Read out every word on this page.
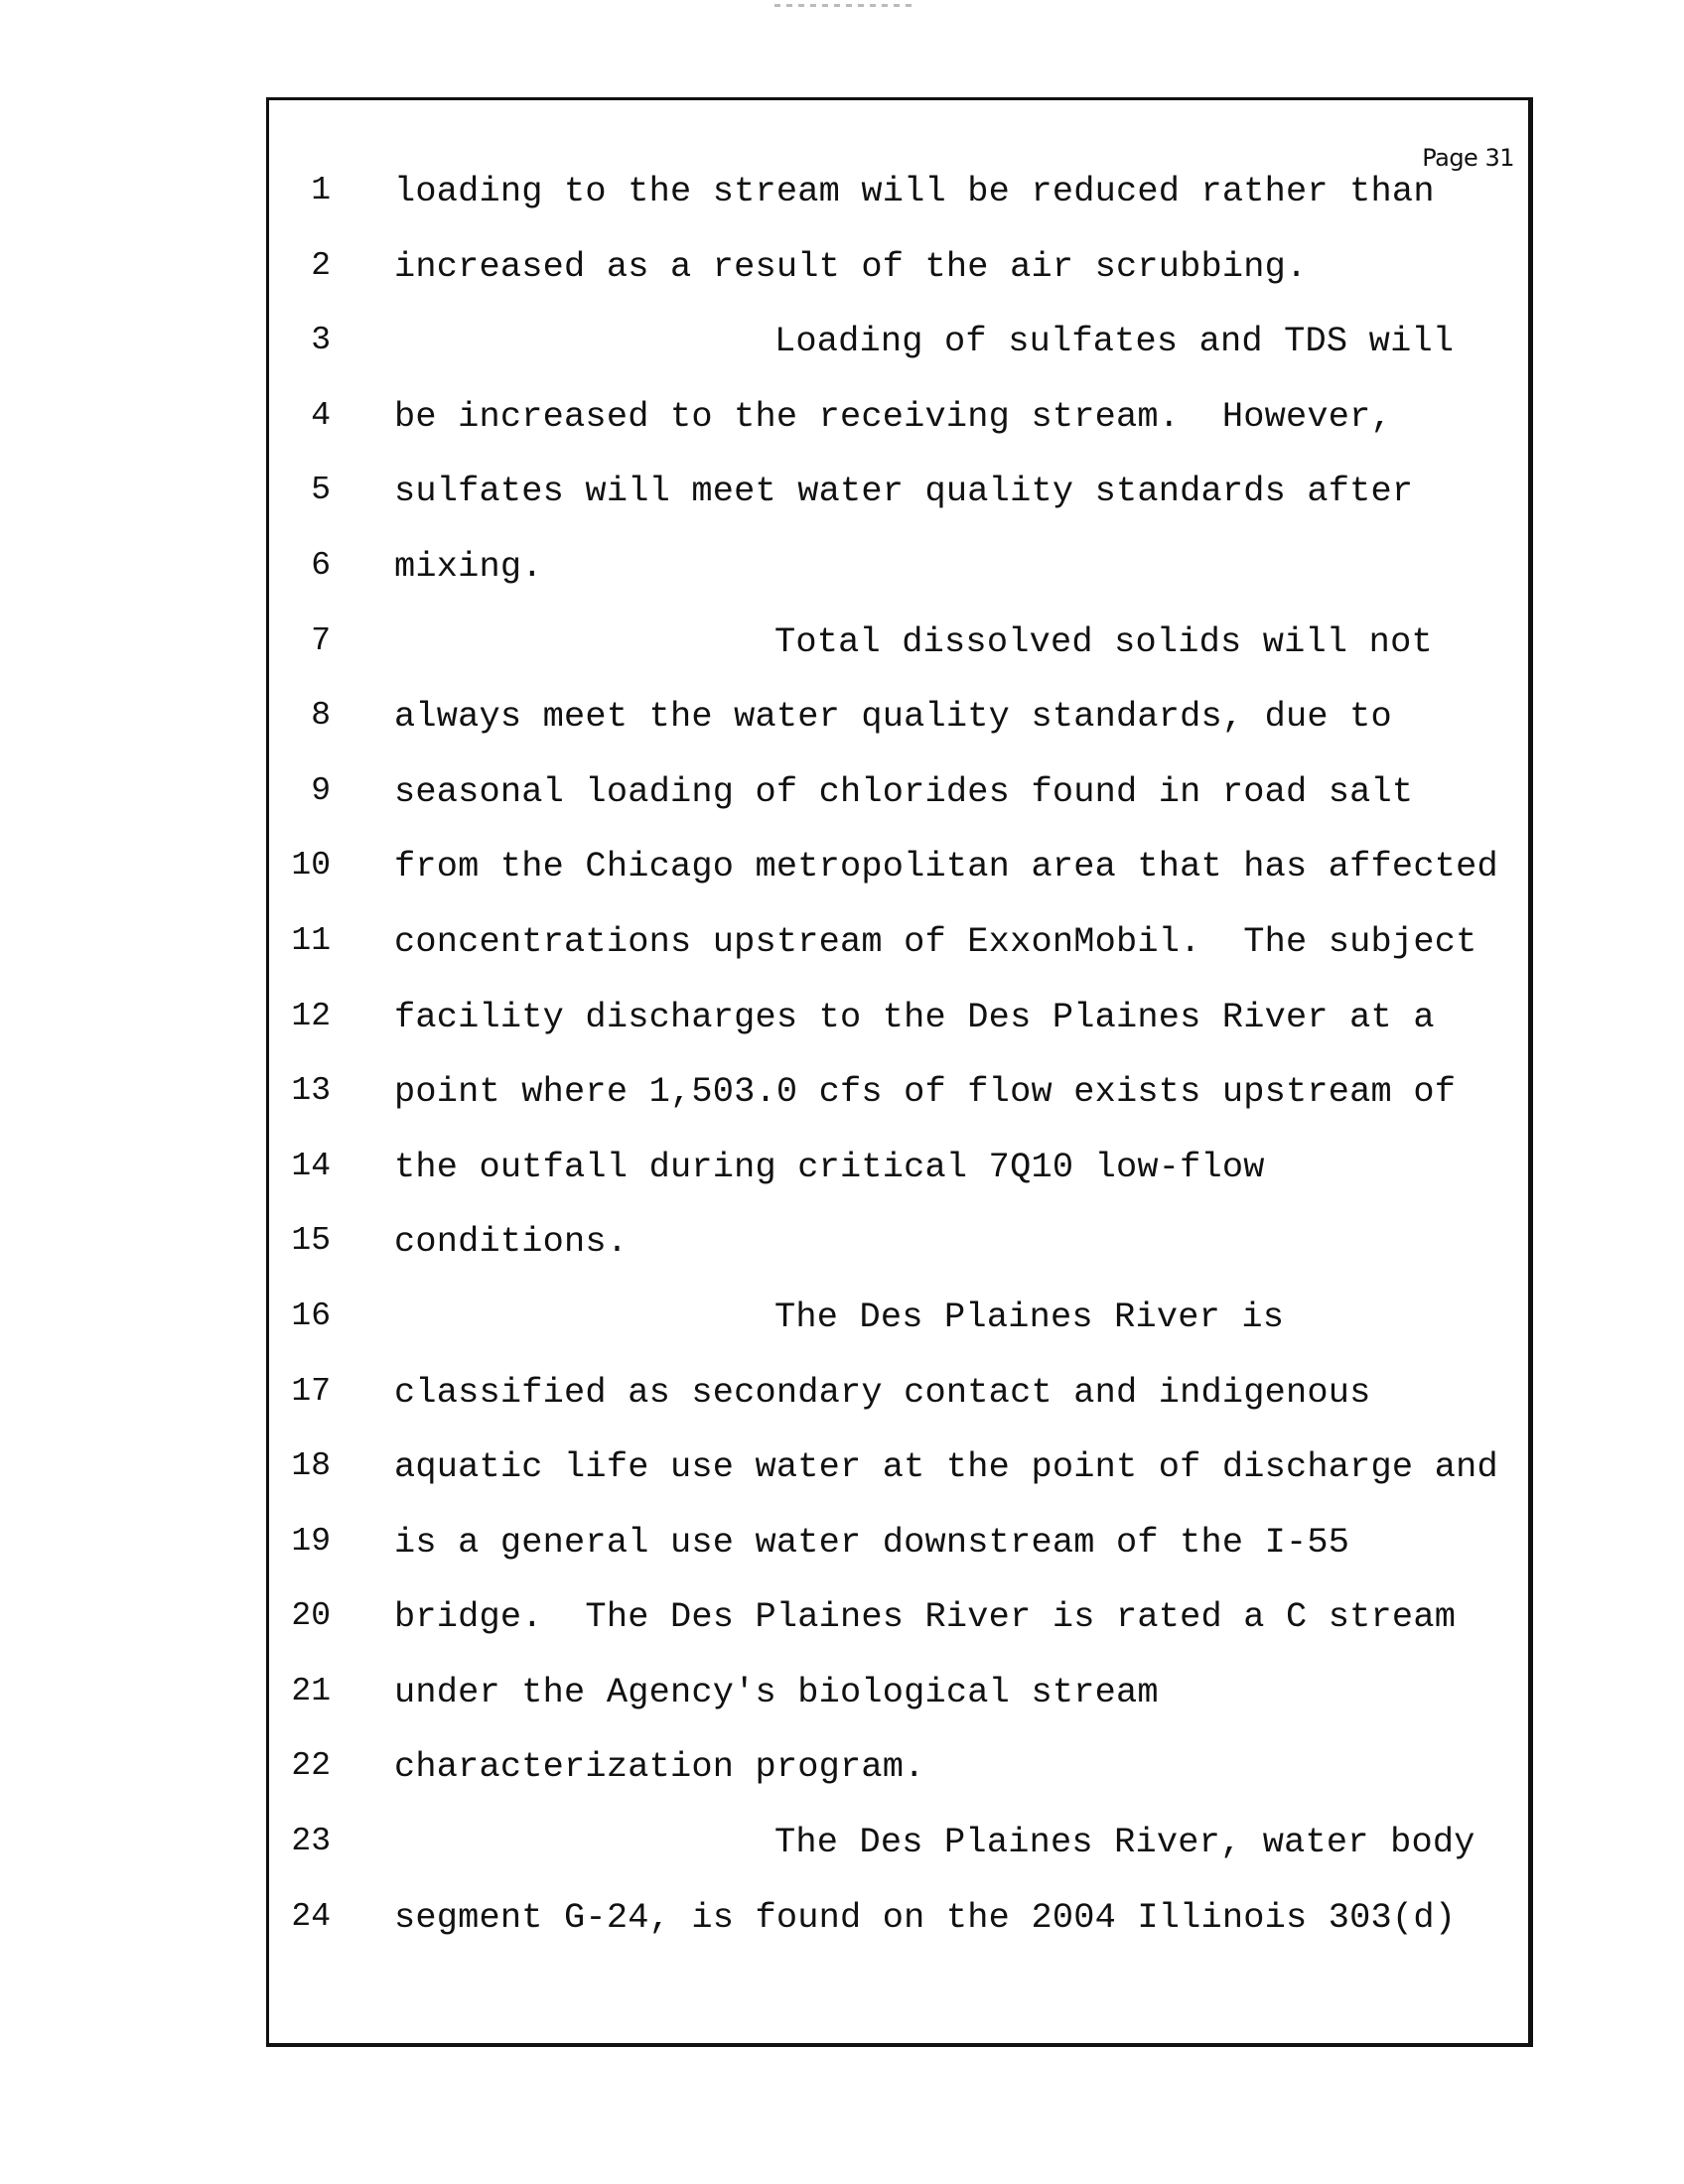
Page 31
1 loading to the stream will be reduced rather than
2 increased as a result of the air scrubbing.
3	Loading of sulfates and TDS will
4 be increased to the receiving stream.  However,
5 sulfates will meet water quality standards after
6 mixing.
7	Total dissolved solids will not
8 always meet the water quality standards, due to
9 seasonal loading of chlorides found in road salt
10 from the Chicago metropolitan area that has affected
11 concentrations upstream of ExxonMobil.  The subject
12 facility discharges to the Des Plaines River at a
13 point where 1,503.0 cfs of flow exists upstream of
14 the outfall during critical 7Q10 low-flow
15 conditions.
16	The Des Plaines River is
17 classified as secondary contact and indigenous
18 aquatic life use water at the point of discharge and
19 is a general use water downstream of the I-55
20 bridge.  The Des Plaines River is rated a C stream
21 under the Agency's biological stream
22 characterization program.
23	The Des Plaines River, water body
24 segment G-24, is found on the 2004 Illinois 303(d)
